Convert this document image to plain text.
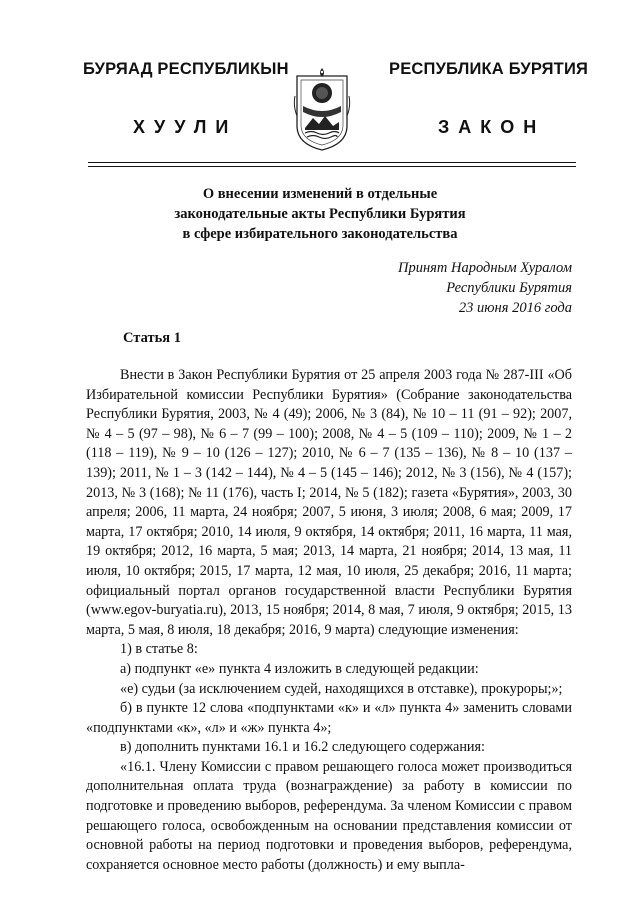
БУРЯАД РЕСПУБЛИКЫН
ХУУЛИ
РЕСПУБЛИКА БУРЯТИЯ
ЗАКОН
О внесении изменений в отдельные
законодательные акты Республики Бурятия
в сфере избирательного законодательства
Принят Народным Хуралом
Республики Бурятия
23 июня 2016 года
Статья 1

Внести в Закон Республики Бурятия от 25 апреля 2003 года № 287-III «Об Избирательной комиссии Республики Бурятия» (Собрание законодательства Республики Бурятия, 2003, № 4 (49); 2006, № 3 (84), № 10 – 11 (91 – 92); 2007, № 4 – 5 (97 – 98), № 6 – 7 (99 – 100); 2008, № 4 – 5 (109 – 110); 2009, № 1 – 2 (118 – 119), № 9 – 10 (126 – 127); 2010, № 6 – 7 (135 – 136), № 8 – 10 (137 – 139); 2011, № 1 – 3 (142 – 144), № 4 – 5 (145 – 146); 2012, № 3 (156), № 4 (157); 2013, № 3 (168); № 11 (176), часть I; 2014, № 5 (182); газета «Бурятия», 2003, 30 апреля; 2006, 11 марта, 24 ноября; 2007, 5 июня, 3 июля; 2008, 6 мая; 2009, 17 марта, 17 октября; 2010, 14 июля, 9 октября, 14 октября; 2011, 16 марта, 11 мая, 19 октября; 2012, 16 марта, 5 мая; 2013, 14 марта, 21 ноября; 2014, 13 мая, 11 июля, 10 октября; 2015, 17 марта, 12 мая, 10 июля, 25 декабря; 2016, 11 марта; официальный портал органов государственной власти Республики Бурятия (www.egov-buryatia.ru), 2013, 15 ноября; 2014, 8 мая, 7 июля, 9 октября; 2015, 13 марта, 5 мая, 8 июля, 18 декабря; 2016, 9 марта) следующие изменения:

1) в статье 8:

а) подпункт «е» пункта 4 изложить в следующей редакции:

«е) судьи (за исключением судей, находящихся в отставке), прокуроры;»;

б) в пункте 12 слова «подпунктами «к» и «л» пункта 4» заменить словами «подпунктами «к», «л» и «ж» пункта 4»;

в) дополнить пунктами 16.1 и 16.2 следующего содержания:

«16.1. Члену Комиссии с правом решающего голоса может производиться дополнительная оплата труда (вознаграждение) за работу в комиссии по подготовке и проведению выборов, референдума. За членом Комиссии с правом решающего голоса, освобожденным на основании представления комиссии от основной работы на период подготовки и проведения выборов, референдума, сохраняется основное место работы (должность) и ему выпла-
